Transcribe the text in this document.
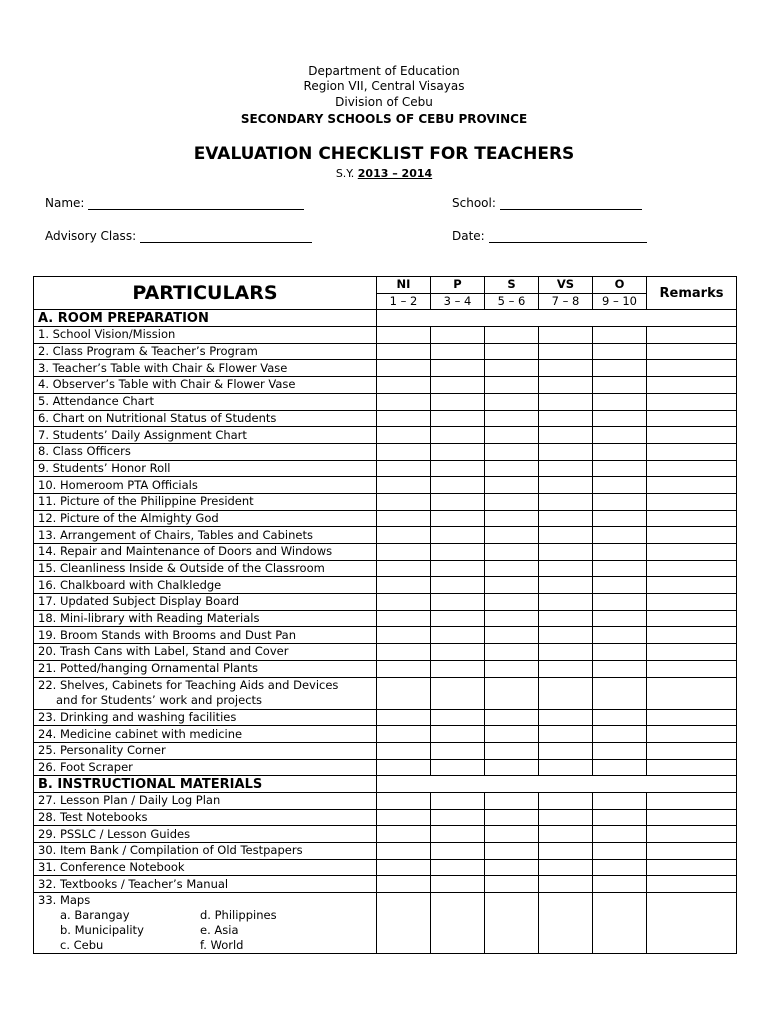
Department of Education
Region VII, Central Visayas
Division of Cebu
SECONDARY SCHOOLS OF CEBU PROVINCE
EVALUATION CHECKLIST FOR TEACHERS
S.Y. 2013 – 2014
Name:	School:
Advisory Class:	Date:
PARTICULARS	NI	P	S	VS	O	Remarks
	1 – 2	3 – 4	5 – 6	7 – 8	9 – 10	
A. ROOM PREPARATION						
1. School Vision/Mission						
2. Class Program & Teacher’s Program						
3. Teacher’s Table with Chair & Flower Vase						
4. Observer’s Table with Chair & Flower Vase						
5. Attendance Chart						
6. Chart on Nutritional Status of Students						
7. Students’ Daily Assignment Chart						
8. Class Officers						
9. Students’ Honor Roll						
10. Homeroom PTA Officials						
11. Picture of the Philippine President						
12. Picture of the Almighty God						
13. Arrangement of Chairs, Tables and Cabinets						
14. Repair and Maintenance of Doors and Windows						
15. Cleanliness Inside & Outside of the Classroom						
16. Chalkboard with Chalkledge						
17. Updated Subject Display Board						
18. Mini-library with Reading Materials						
19. Broom Stands with Brooms and Dust Pan						
20. Trash Cans with Label, Stand and Cover						
21. Potted/hanging Ornamental Plants						

22. Shelves, Cabinets for Teaching Aids and Devices
and for Students’ work and projects						

23. Drinking and washing facilities						
24. Medicine cabinet with medicine						
25. Personality Corner						
26. Foot Scraper						
B. INSTRUCTIONAL MATERIALS						
27. Lesson Plan / Daily Log Plan						
28. Test Notebooks						
29. PSSLC / Lesson Guides						
30. Item Bank / Compilation of Old Testpapers						
31. Conference Notebook						
32. Textbooks / Teacher’s Manual						

33. Maps
a. Barangay d. Philippines
b. Municipality e. Asia
c. Cebu f. World						
